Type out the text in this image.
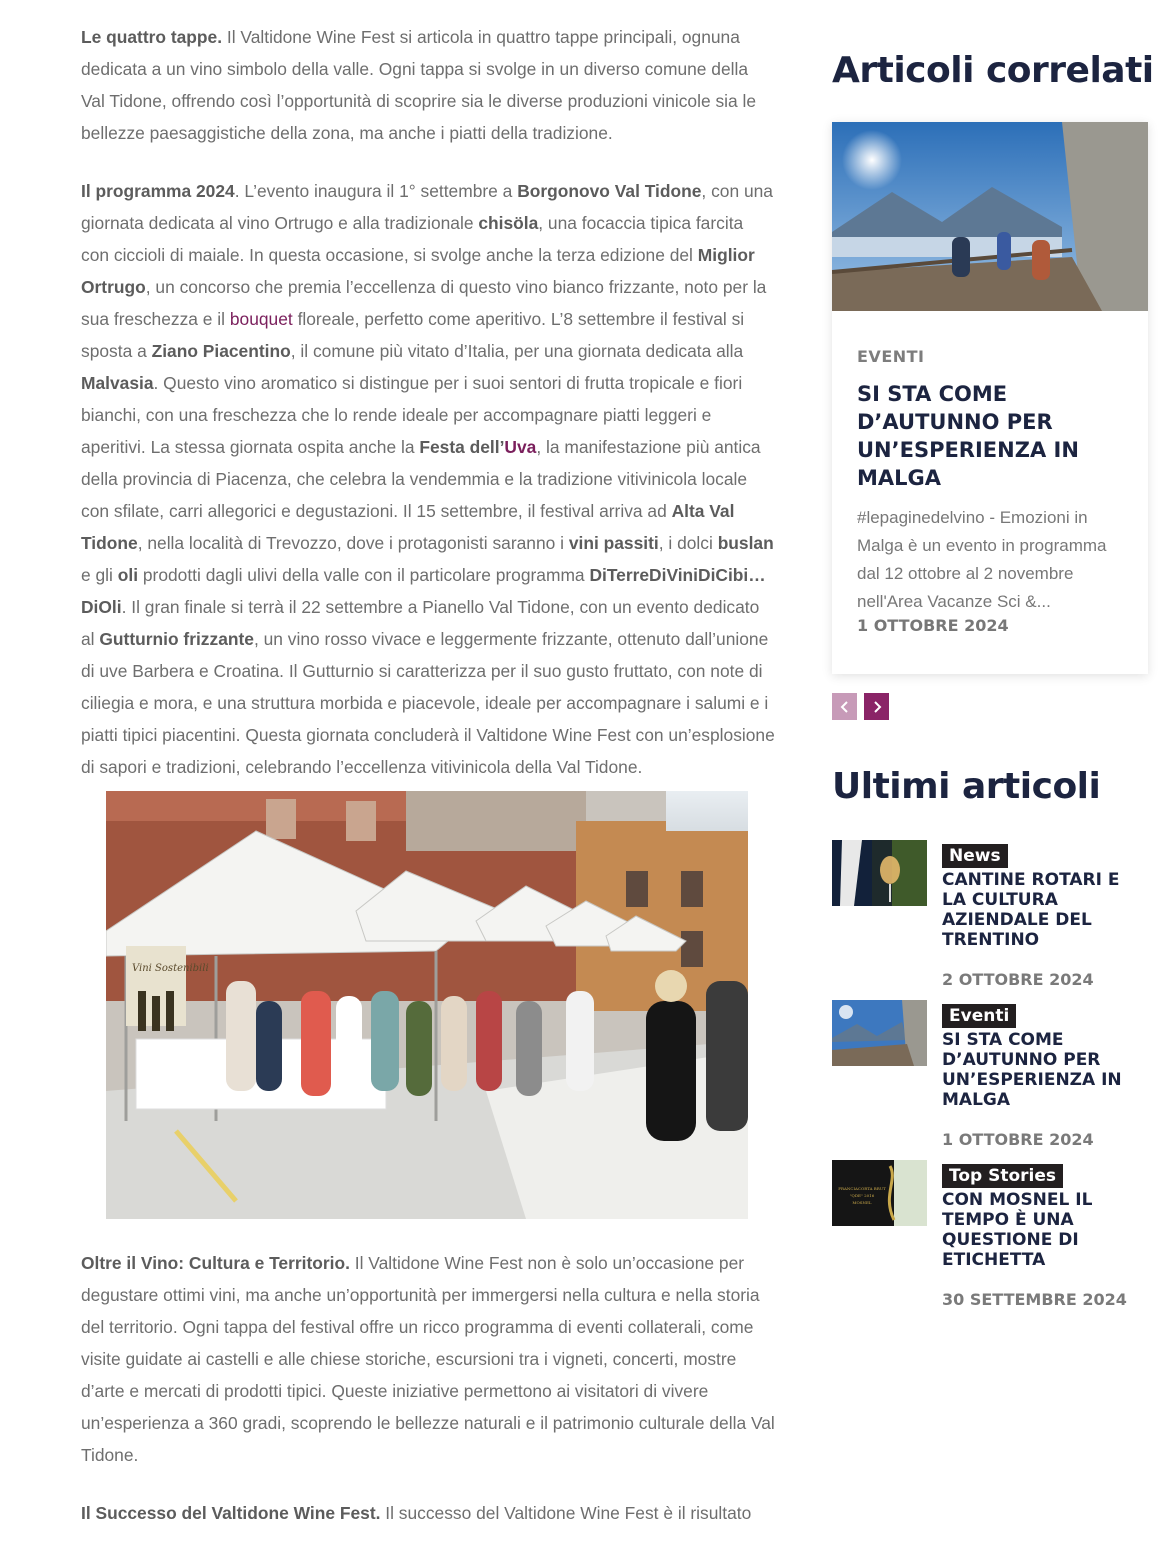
Le quattro tappe. Il Valtidone Wine Fest si articola in quattro tappe principali, ognuna dedicata a un vino simbolo della valle. Ogni tappa si svolge in un diverso comune della Val Tidone, offrendo così l’opportunità di scoprire sia le diverse produzioni vinicole sia le bellezze paesaggistiche della zona, ma anche i piatti della tradizione.

Il programma 2024. L’evento inaugura il 1° settembre a Borgonovo Val Tidone, con una giornata dedicata al vino Ortrugo e alla tradizionale chisöla, una focaccia tipica farcita con ciccioli di maiale. In questa occasione, si svolge anche la terza edizione del Miglior Ortrugo, un concorso che premia l’eccellenza di questo vino bianco frizzante, noto per la sua freschezza e il bouquet floreale, perfetto come aperitivo. L’8 settembre il festival si sposta a Ziano Piacentino, il comune più vitato d’Italia, per una giornata dedicata alla Malvasia. Questo vino aromatico si distingue per i suoi sentori di frutta tropicale e fiori bianchi, con una freschezza che lo rende ideale per accompagnare piatti leggeri e aperitivi. La stessa giornata ospita anche la Festa dell’Uva, la manifestazione più antica della provincia di Piacenza, che celebra la vendemmia e la tradizione vitivinicola locale con sfilate, carri allegorici e degustazioni. Il 15 settembre, il festival arriva ad Alta Val Tidone, nella località di Trevozzo, dove i protagonisti saranno i vini passiti, i dolci buslan e gli oli prodotti dagli ulivi della valle con il particolare programma DiTerreDiViniDiCibi…DiOli. Il gran finale si terrà il 22 settembre a Pianello Val Tidone, con un evento dedicato al Gutturnio frizzante, un vino rosso vivace e leggermente frizzante, ottenuto dall’unione di uve Barbera e Croatina. Il Gutturnio si caratterizza per il suo gusto fruttato, con note di ciliegia e mora, e una struttura morbida e piacevole, ideale per accompagnare i salumi e i piatti tipici piacentini. Questa giornata concluderà il Valtidone Wine Fest con un’esplosione di sapori e tradizioni, celebrando l’eccellenza vitivinicola della Val Tidone.

Vini Sostenibili

Oltre il Vino: Cultura e Territorio. Il Valtidone Wine Fest non è solo un’occasione per degustare ottimi vini, ma anche un’opportunità per immergersi nella cultura e nella storia del territorio. Ogni tappa del festival offre un ricco programma di eventi collaterali, come visite guidate ai castelli e alle chiese storiche, escursioni tra i vigneti, concerti, mostre d’arte e mercati di prodotti tipici. Queste iniziative permettono ai visitatori di vivere un’esperienza a 360 gradi, scoprendo le bellezze naturali e il patrimonio culturale della Val Tidone.

Il Successo del Valtidone Wine Fest. Il successo del Valtidone Wine Fest è il risultato

Articoli correlati
EVENTI
SI STA COME D’AUTUNNO PER UN’ESPERIENZA IN MALGA
#lepaginedelvino - Emozioni in Malga è un evento in programma dal 12 ottobre al 2 novembre nell'Area Vacanze Sci &...
1 OTTOBRE 2024
Ultimi articoli
News
CANTINE ROTARI E LA CULTURA AZIENDALE DEL TRENTINO
2 OTTOBRE 2024
Eventi
SI STA COME D’AUTUNNO PER UN’ESPERIENZA IN MALGA
1 OTTOBRE 2024
FRANCIACORTA BRUT
"QDE" 2016
MOSNEL
Top Stories
CON MOSNEL IL TEMPO È UNA QUESTIONE DI ETICHETTA
30 SETTEMBRE 2024
